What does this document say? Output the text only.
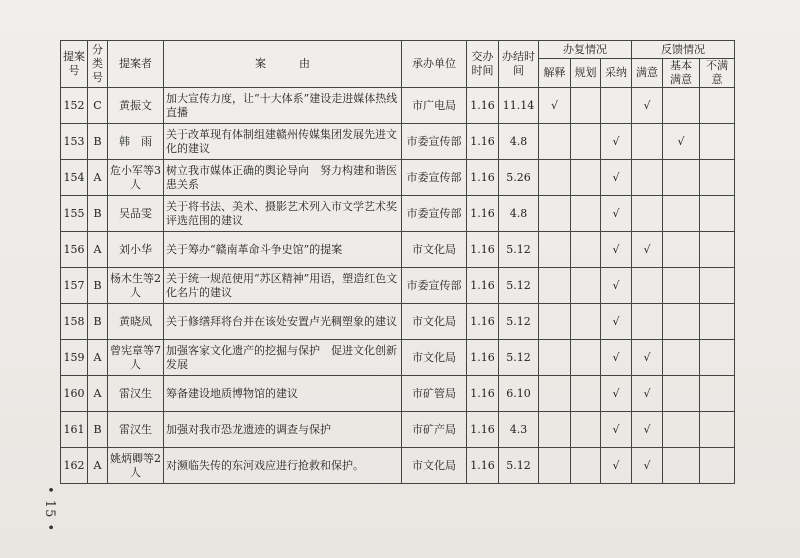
• 15 •
提案号	分类号	提案者	案　　　由	承办单位	交办时间	办结时间	办复情况			反馈情况		
							解释	规划	采纳	满意	基本满意	不满意
152	C	黄振文	加大宣传力度，让“十大体系”建设走进媒体热线直播	市广电局	1.16	11.14	√			√		
153	B	韩　雨	关于改革现有体制组建赣州传媒集团发展先进文化的建议	市委宣传部	1.16	4.8			√		√	
154	A	危小军等3人	树立我市媒体正确的舆论导向　努力构建和谐医患关系	市委宣传部	1.16	5.26			√			
155	B	吴品雯	关于将书法、美术、摄影艺术列入市文学艺术奖评选范围的建议	市委宣传部	1.16	4.8			√			
156	A	刘小华	关于筹办“赣南革命斗争史馆”的提案	市文化局	1.16	5.12			√	√		
157	B	杨木生等2人	关于统一规范使用“苏区精神”用语，塑造红色文化名片的建议	市委宣传部	1.16	5.12			√			
158	B	黄晓凤	关于修缮拜将台并在该处安置卢光稠塑象的建议	市文化局	1.16	5.12			√			
159	A	曾宪章等7人	加强客家文化遗产的挖掘与保护　促进文化创新发展	市文化局	1.16	5.12			√	√		
160	A	雷汉生	筹备建设地质博物馆的建议	市矿管局	1.16	6.10			√	√		
161	B	雷汉生	加强对我市恐龙遗迹的调查与保护	市矿产局	1.16	4.3			√	√		
162	A	姚炳卿等2人	对濒临失传的东河戏应进行抢救和保护。	市文化局	1.16	5.12			√	√		
